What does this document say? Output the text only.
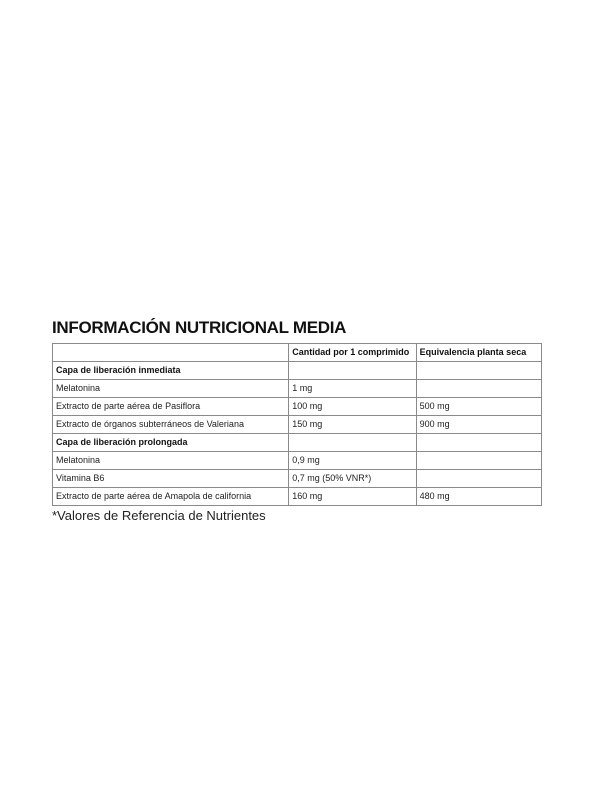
INFORMACIÓN NUTRICIONAL MEDIA
	Cantidad por 1 comprimido	Equivalencia planta seca
Capa de liberación inmediata		
Melatonina	1 mg	
Extracto de parte aérea de Pasiflora	100 mg	500 mg
Extracto de órganos subterráneos de Valeriana	150 mg	900 mg
Capa de liberación prolongada		
Melatonina	0,9 mg	
Vitamina B6	0,7 mg (50% VNR*)	
Extracto de parte aérea de Amapola de california	160 mg	480 mg
*Valores de Referencia de Nutrientes
